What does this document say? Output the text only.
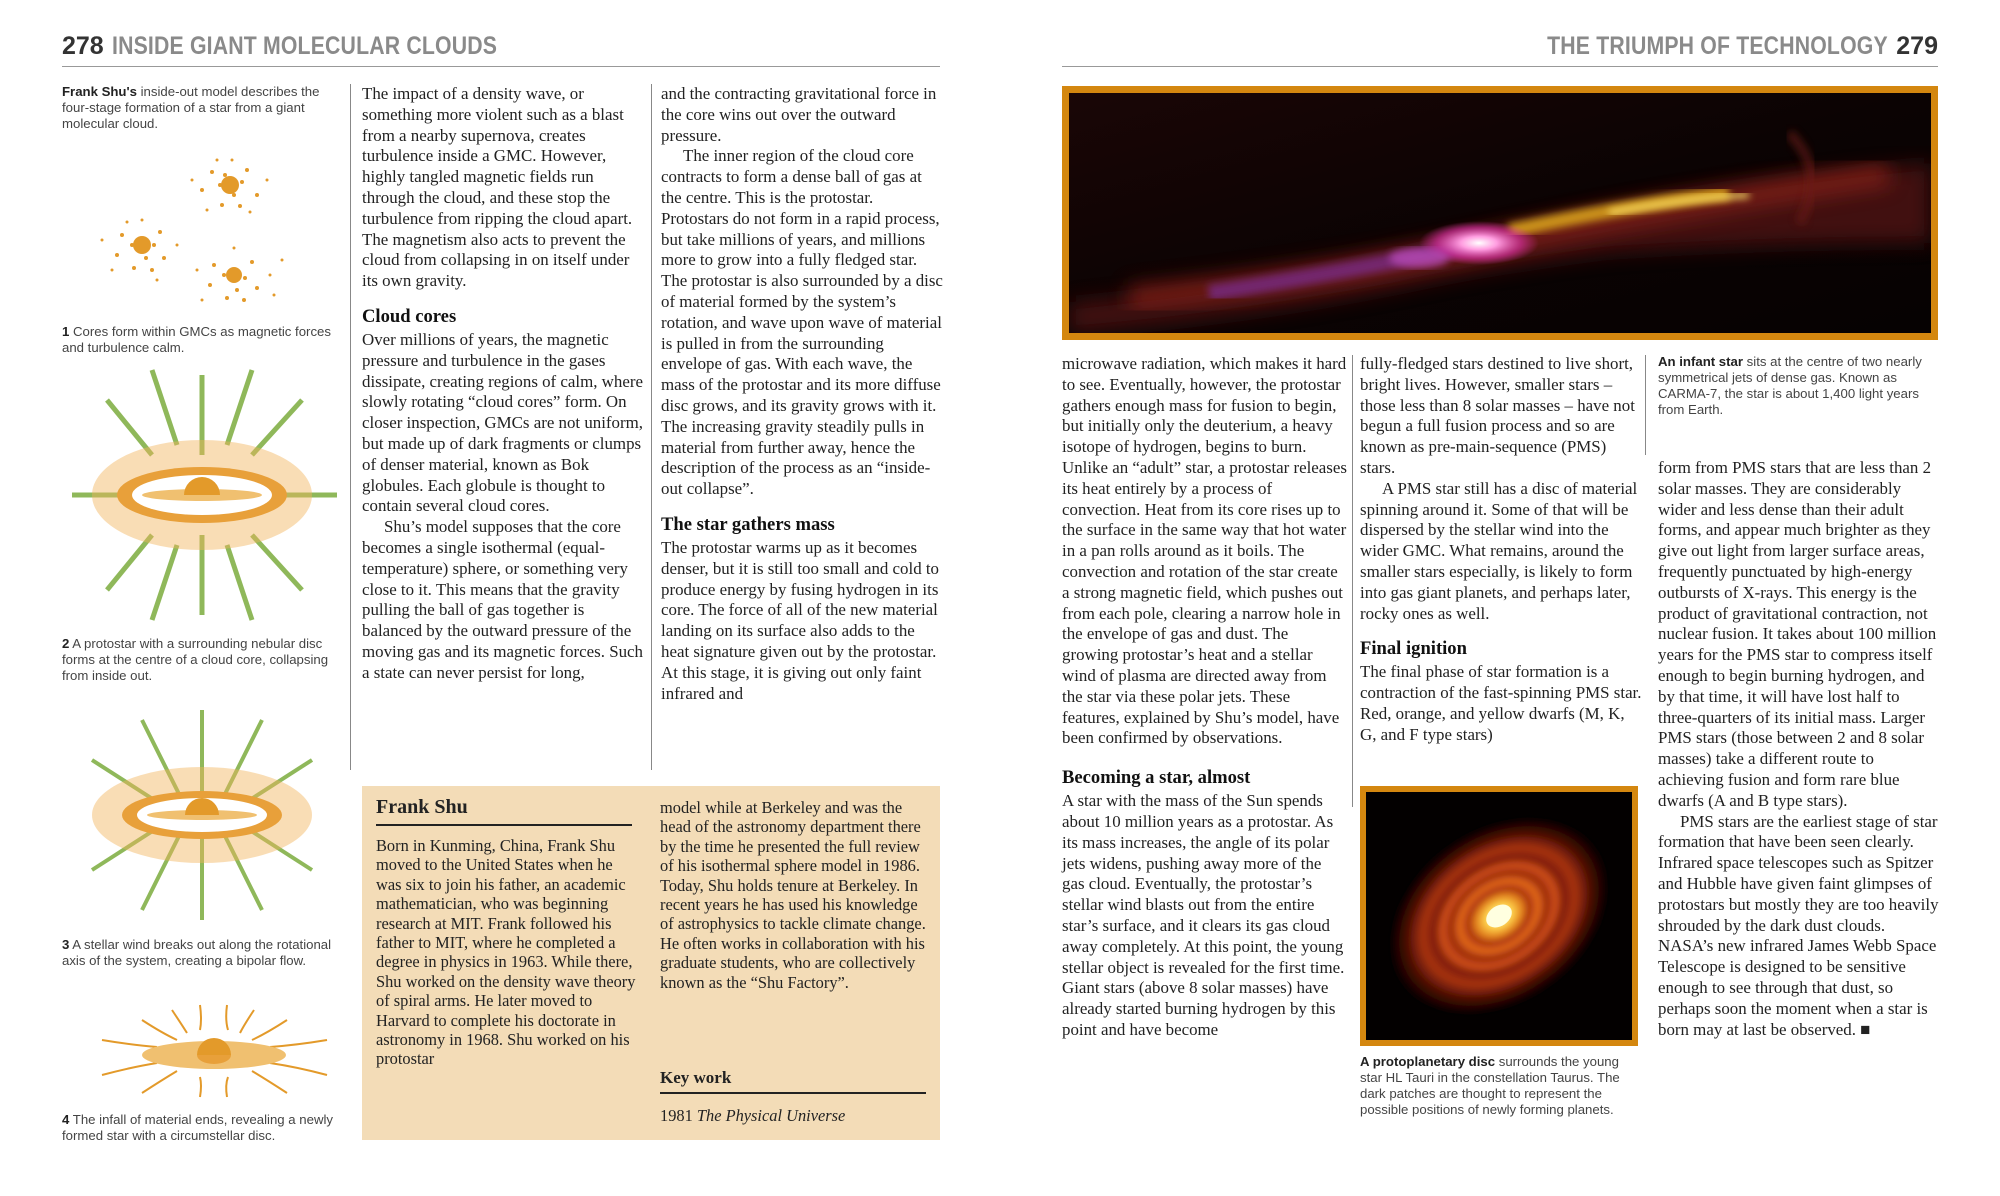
278 INSIDE GIANT MOLECULAR CLOUDS	THE TRIUMPH OF TECHNOLOGY 279
Frank Shu's inside-out model describes the four-stage formation of a star from a giant molecular cloud.
1 Cores form within GMCs as magnetic forces and turbulence calm.
2 A protostar with a surrounding nebular disc forms at the centre of a cloud core, collapsing from inside out.
3 A stellar wind breaks out along the rotational axis of the system, creating a bipolar flow.
4 The infall of material ends, revealing a newly formed star with a circumstellar disc.

The impact of a density wave, or something more violent such as a blast from a nearby supernova, creates turbulence inside a GMC. However, highly tangled magnetic fields run through the cloud, and these stop the turbulence from ripping the cloud apart. The magnetism also acts to prevent the cloud from collapsing in on itself under its own gravity.

Cloud cores

Over millions of years, the magnetic pressure and turbulence in the gases dissipate, creating regions of calm, where slowly rotating “cloud cores” form. On closer inspection, GMCs are not uniform, but made up of dark fragments or clumps of denser material, known as Bok globules. Each globule is thought to contain several cloud cores.

Shu’s model supposes that the core becomes a single isothermal (equal-temperature) sphere, or something very close to it. This means that the gravity pulling the ball of gas together is balanced by the outward pressure of the moving gas and its magnetic forces. Such a state can never persist for long,

and the contracting gravitational force in the core wins out over the outward pressure.

The inner region of the cloud core contracts to form a dense ball of gas at the centre. This is the protostar. Protostars do not form in a rapid process, but take millions of years, and millions more to grow into a fully fledged star. The protostar is also surrounded by a disc of material formed by the system’s rotation, and wave upon wave of material is pulled in from the surrounding envelope of gas. With each wave, the mass of the protostar and its more diffuse disc grows, and its gravity grows with it. The increasing gravity steadily pulls in material from further away, hence the description of the process as an “inside-out collapse”.

The star gathers mass

The protostar warms up as it becomes denser, but it is still too small and cold to produce energy by fusing hydrogen in its core. The force of all of the new material landing on its surface also adds to the heat signature given out by the protostar. At this stage, it is giving out only faint infrared and

Frank Shu
Born in Kunming, China, Frank Shu moved to the United States when he was six to join his father, an academic mathematician, who was beginning research at MIT. Frank followed his father to MIT, where he completed a degree in physics in 1963. While there, Shu worked on the density wave theory of spiral arms. He later moved to Harvard to complete his doctorate in astronomy in 1968. Shu worked on his protostar
model while at Berkeley and was the head of the astronomy department there by the time he presented the full review of his isothermal sphere model in 1986. Today, Shu holds tenure at Berkeley. In recent years he has used his knowledge of astrophysics to tackle climate change. He often works in collaboration with his graduate students, who are collectively known as the “Shu Factory”.
Key work
1981 The Physical Universe

microwave radiation, which makes it hard to see. Eventually, however, the protostar gathers enough mass for fusion to begin, but initially only the deuterium, a heavy isotope of hydrogen, begins to burn. Unlike an “adult” star, a protostar releases its heat entirely by a process of convection. Heat from its core rises up to the surface in the same way that hot water in a pan rolls around as it boils. The convection and rotation of the star create a strong magnetic field, which pushes out from each pole, clearing a narrow hole in the envelope of gas and dust. The growing protostar’s heat and a stellar wind of plasma are directed away from the star via these polar jets. These features, explained by Shu’s model, have been confirmed by observations.

Becoming a star, almost

A star with the mass of the Sun spends about 10 million years as a protostar. As its mass increases, the angle of its polar jets widens, pushing away more of the gas cloud. Eventually, the protostar’s stellar wind blasts out from the entire star’s surface, and it clears its gas cloud away completely. At this point, the young stellar object is revealed for the first time. Giant stars (above 8 solar masses) have already started burning hydrogen by this point and have become

fully-fledged stars destined to live short, bright lives. However, smaller stars – those less than 8 solar masses – have not begun a full fusion process and so are known as pre-main-sequence (PMS) stars.

A PMS star still has a disc of material spinning around it. Some of that will be dispersed by the stellar wind into the wider GMC. What remains, around the smaller stars especially, is likely to form into gas giant planets, and perhaps later, rocky ones as well.

Final ignition

The final phase of star formation is a contraction of the fast-spinning PMS star. Red, orange, and yellow dwarfs (M, K, G, and F type stars)

A protoplanetary disc surrounds the young star HL Tauri in the constellation Taurus. The dark patches are thought to represent the possible positions of newly forming planets.
An infant star sits at the centre of two nearly symmetrical jets of dense gas. Known as CARMA-7, the star is about 1,400 light years from Earth.

form from PMS stars that are less than 2 solar masses. They are considerably wider and less dense than their adult forms, and appear much brighter as they give out light from larger surface areas, frequently punctuated by high-energy outbursts of X-rays. This energy is the product of gravitational contraction, not nuclear fusion. It takes about 100 million years for the PMS star to compress itself enough to begin burning hydrogen, and by that time, it will have lost half to three-quarters of its initial mass. Larger PMS stars (those between 2 and 8 solar masses) take a different route to achieving fusion and form rare blue dwarfs (A and B type stars).

PMS stars are the earliest stage of star formation that have been seen clearly. Infrared space telescopes such as Spitzer and Hubble have given faint glimpses of protostars but mostly they are too heavily shrouded by the dark dust clouds. NASA’s new infrared James Webb Space Telescope is designed to be sensitive enough to see through that dust, so perhaps soon the moment when a star is born may at last be observed. ■
